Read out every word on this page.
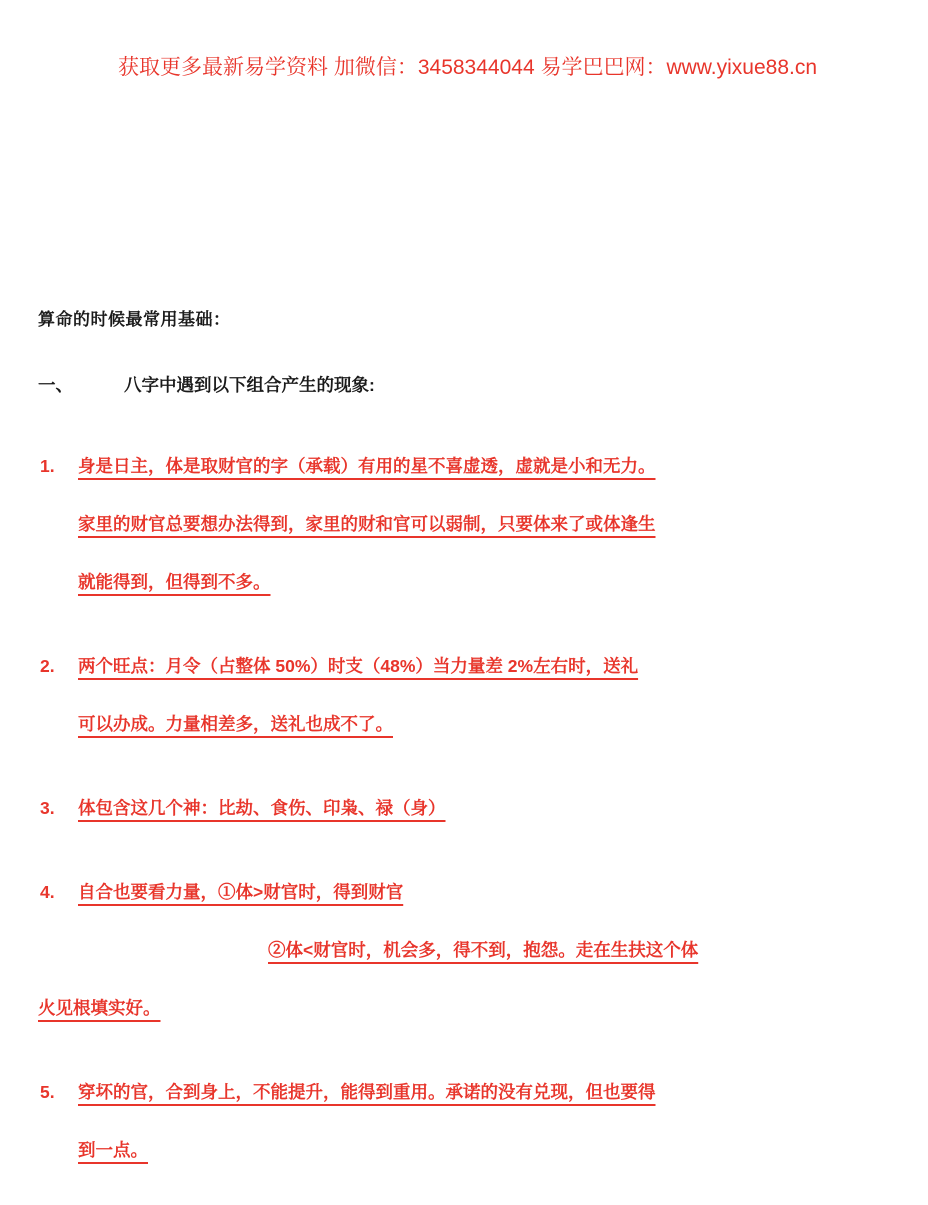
获取更多最新易学资料 加微信：3458344044 易学巴巴网：www.yixue88.cn

算命的时候最常用基础：

一、	八字中遇到以下组合产生的现象:

1.	身是日主，体是取财官的字（承载）有用的星不喜虚透，虚就是小和无力。
家里的财官总要想办法得到，家里的财和官可以弱制，只要体来了或体逢生
就能得到，但得到不多。
2.	两个旺点：月令（占整体 50%）时支（48%）当力量差 2%左右时，送礼
可以办成。力量相差多，送礼也成不了。
3.	体包含这几个神：比劫、食伤、印枭、禄（身）
4.	自合也要看力量，①体>财官时，得到财官
②体<财官时，机会多，得不到，抱怨。走在生扶这个体
火见根填实好。
5.	穿坏的官，合到身上，不能提升，能得到重用。承诺的没有兑现，但也要得
到一点。
